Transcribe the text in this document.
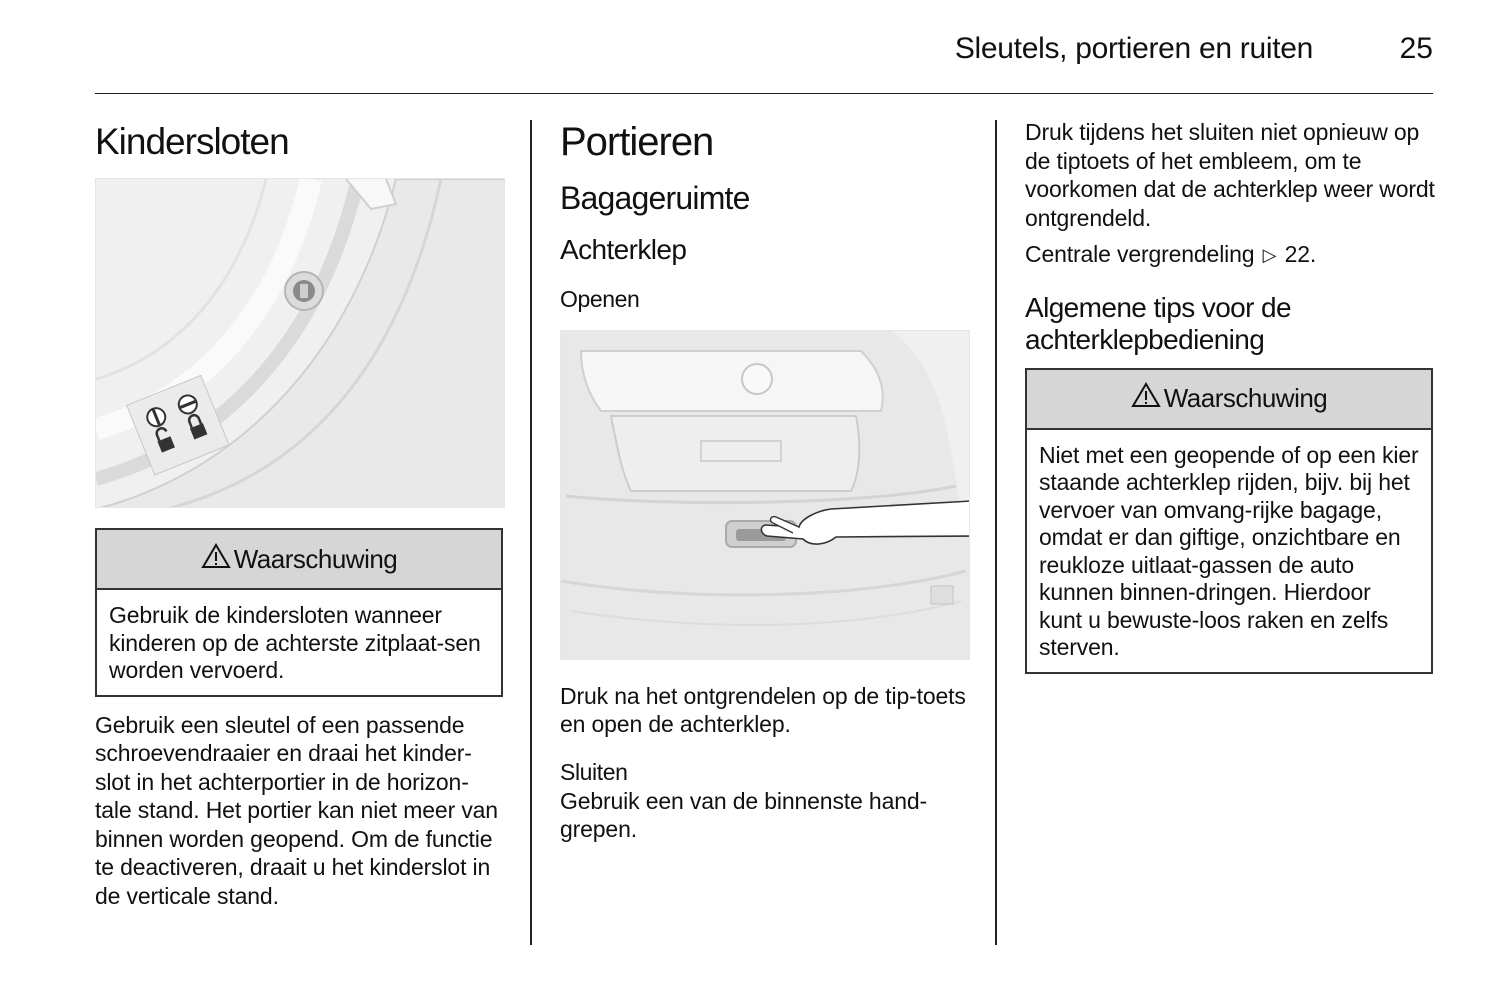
Sleutels, portieren en ruiten	25
Kindersloten
Waarschuwing
Gebruik de kindersloten wanneer kinderen op de achterste zitplaat-sen worden vervoerd.

Gebruik een sleutel of een passende schroevendraaier en draai het kinder-slot in het achterportier in de horizon-tale stand. Het portier kan niet meer van binnen worden geopend. Om de functie te deactiveren, draait u het kinderslot in de verticale stand.

Portieren
Bagageruimte
Achterklep
Openen

Druk na het ontgrendelen op de tip-toets en open de achterklep.

Sluiten

Gebruik een van de binnenste hand-grepen.

Druk tijdens het sluiten niet opnieuw op de tiptoets of het embleem, om te voorkomen dat de achterklep weer wordt ontgrendeld.

Centrale vergrendeling ▷ 22.

Algemene tips voor de
achterklepbediening
Waarschuwing
Niet met een geopende of op een kier staande achterklep rijden, bijv. bij het vervoer van omvang-rijke bagage, omdat er dan giftige, onzichtbare en reukloze uitlaat-gassen de auto kunnen binnen-dringen. Hierdoor kunt u bewuste-loos raken en zelfs sterven.
